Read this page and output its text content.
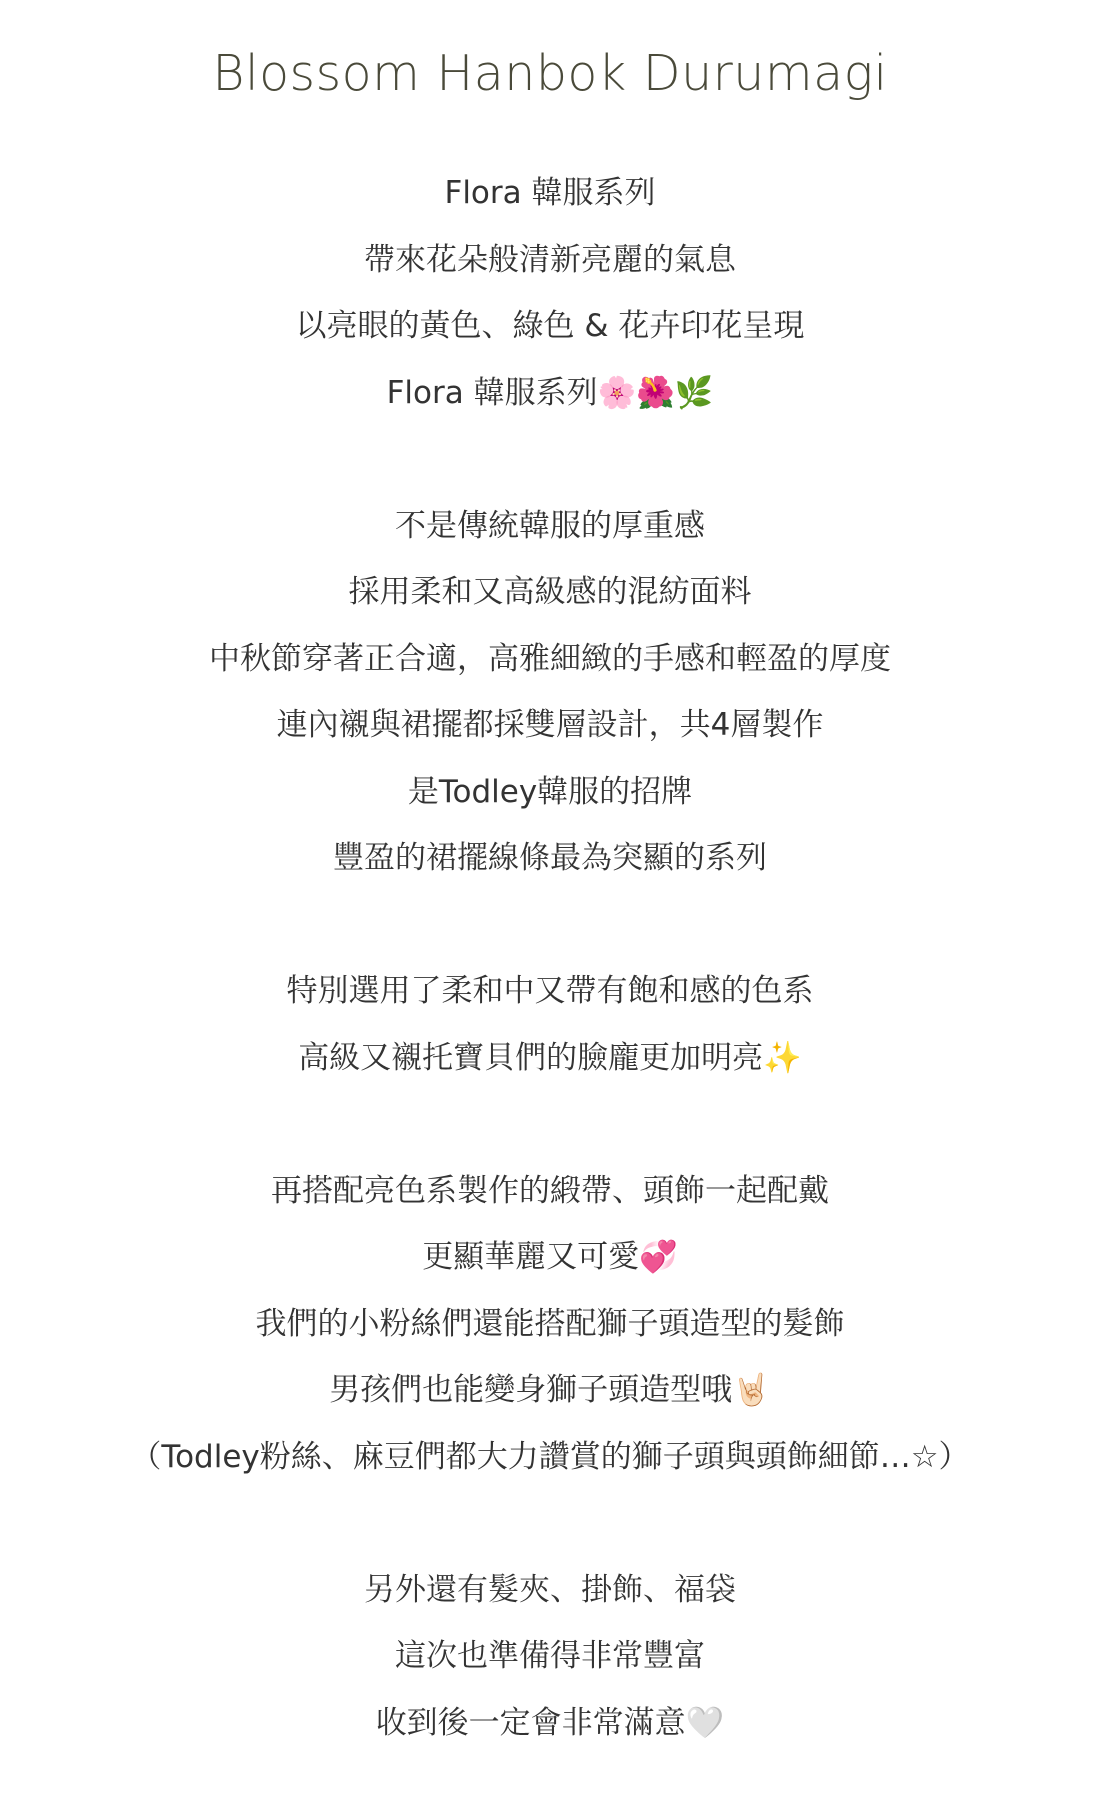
Blossom Hanbok Durumagi
Flora 韓服系列
帶來花朵般清新亮麗的氣息
以亮眼的黃色、綠色 & 花卉印花呈現
Flora 韓服系列🌸🌺🌿
不是傳統韓服的厚重感
採用柔和又高級感的混紡面料
中秋節穿著正合適，高雅細緻的手感和輕盈的厚度
連內襯與裙擺都採雙層設計，共4層製作
是Todley韓服的招牌
豐盈的裙擺線條最為突顯的系列
特別選用了柔和中又帶有飽和感的色系
高級又襯托寶貝們的臉龐更加明亮✨
再搭配亮色系製作的緞帶、頭飾一起配戴
更顯華麗又可愛💞
我們的小粉絲們還能搭配獅子頭造型的髮飾
男孩們也能變身獅子頭造型哦🤘🏻
（Todley粉絲、麻豆們都大力讚賞的獅子頭與頭飾細節…☆）
另外還有髮夾、掛飾、福袋
這次也準備得非常豐富
收到後一定會非常滿意🤍
